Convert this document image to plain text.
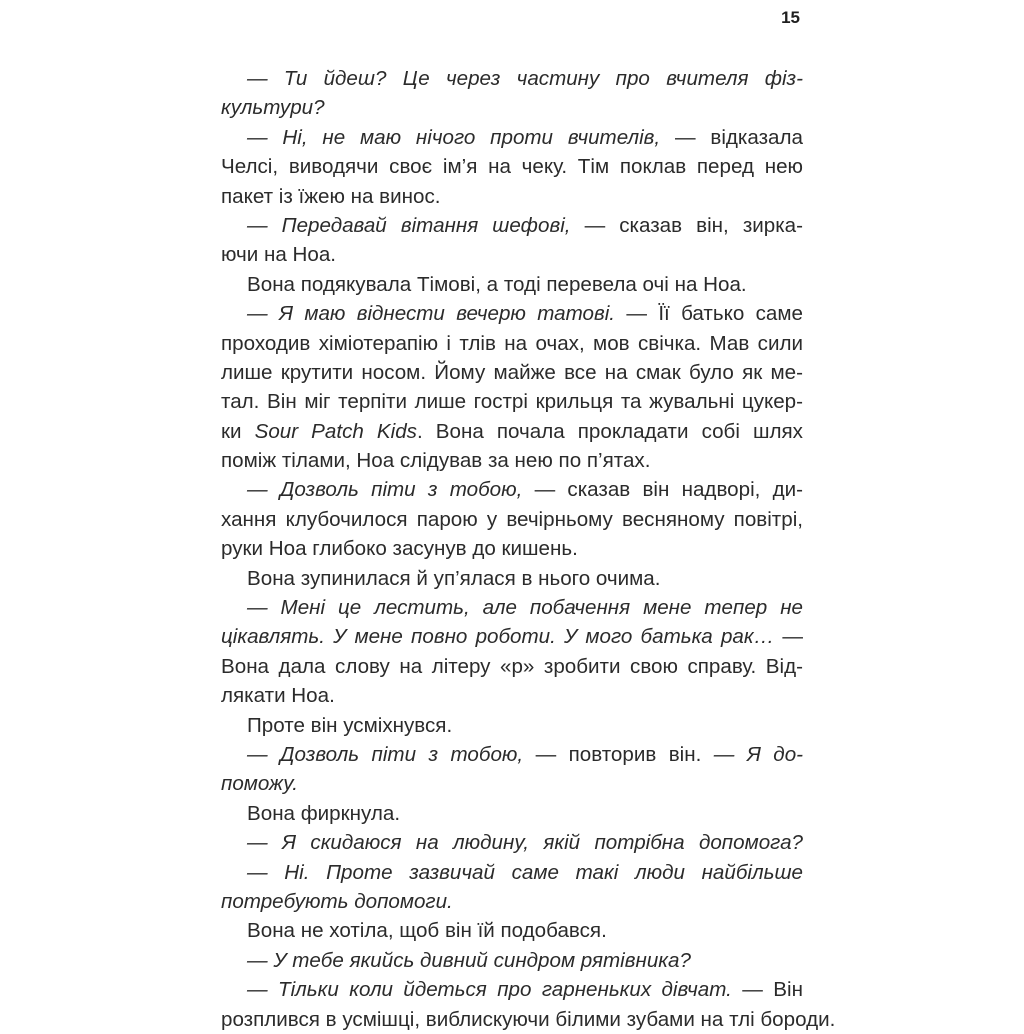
15
— Ти йдеш? Це через частину про вчителя фіз-
культури?
— Ні, не маю нічого проти вчителів, — відказала
Челсі, виводячи своє ім’я на чеку. Тім поклав перед нею
пакет із їжею на винос.
— Передавай вітання шефові, — сказав він, зирка-
ючи на Ноа.
Вона подякувала Тімові, а тоді перевела очі на Ноа.
— Я маю віднести вечерю татові. — Її батько саме
проходив хіміотерапію і тлів на очах, мов свічка. Мав сили
лише крутити носом. Йому майже все на смак було як ме-
тал. Він міг терпіти лише гострі крильця та жувальні цукер-
ки Sour Patch Kids. Вона почала прокладати собі шлях
поміж тілами, Ноа слідував за нею по п’ятах.
— Дозволь піти з тобою, — сказав він надворі, ди-
хання клубочилося парою у вечірньому весняному повітрі,
руки Ноа глибоко засунув до кишень.
Вона зупинилася й уп’ялася в нього очима.
— Мені це лестить, але побачення мене тепер не
цікавлять. У мене повно роботи. У мого батька рак… —
Вона дала слову на літеру «р» зробити свою справу. Від-
лякати Ноа.
Проте він усміхнувся.
— Дозволь піти з тобою, — повторив він. — Я до-
поможу.
Вона фиркнула.
— Я скидаюся на людину, якій потрібна допомога?
— Ні. Проте зазвичай саме такі люди найбільше
потребують допомоги.
Вона не хотіла, щоб він їй подобався.
— У тебе якийсь дивний синдром рятівника?
— Тільки коли йдеться про гарненьких дівчат. — Він
розплився в усмішці, виблискуючи білими зубами на тлі бороди.
